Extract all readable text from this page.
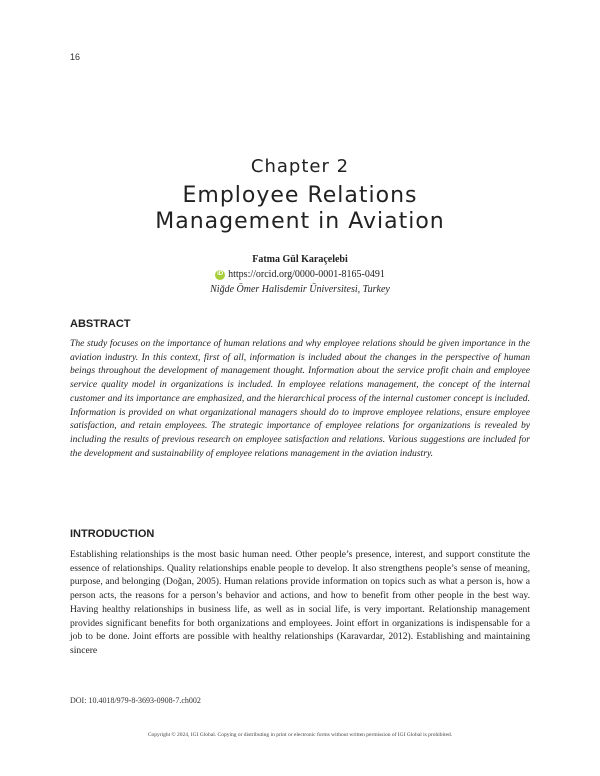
16
Chapter 2
Employee Relations
Management in Aviation
Fatma Gül Karaçelebi
iD https://orcid.org/0000-0001-8165-0491
Niğde Ömer Halisdemir Üniversitesi, Turkey
ABSTRACT

The study focuses on the importance of human relations and why employee relations should be given importance in the aviation industry. In this context, first of all, information is included about the changes in the perspective of human beings throughout the development of management thought. Information about the service profit chain and employee service quality model in organizations is included. In employee relations management, the concept of the internal customer and its importance are emphasized, and the hierarchical process of the internal customer concept is included. Information is provided on what organizational managers should do to improve employee relations, ensure employee satisfaction, and retain employees. The strategic importance of employee relations for organizations is revealed by including the results of previous research on employee satisfaction and relations. Various suggestions are included for the development and sustainability of employee relations management in the aviation industry.

INTRODUCTION

Establishing relationships is the most basic human need. Other people’s presence, interest, and support constitute the essence of relationships. Quality relationships enable people to develop. It also strengthens people’s sense of meaning, purpose, and belonging (Doğan, 2005). Human relations provide information on topics such as what a person is, how a person acts, the reasons for a person’s behavior and actions, and how to benefit from other people in the best way. Having healthy relationships in business life, as well as in social life, is very important. Relationship management provides significant benefits for both organizations and employees. Joint effort in organizations is indispensable for a job to be done. Joint efforts are possible with healthy relationships (Karavardar, 2012). Establishing and maintaining sincere

DOI: 10.4018/979-8-3693-0908-7.ch002
Copyright © 2024, IGI Global. Copying or distributing in print or electronic forms without written permission of IGI Global is prohibited.
